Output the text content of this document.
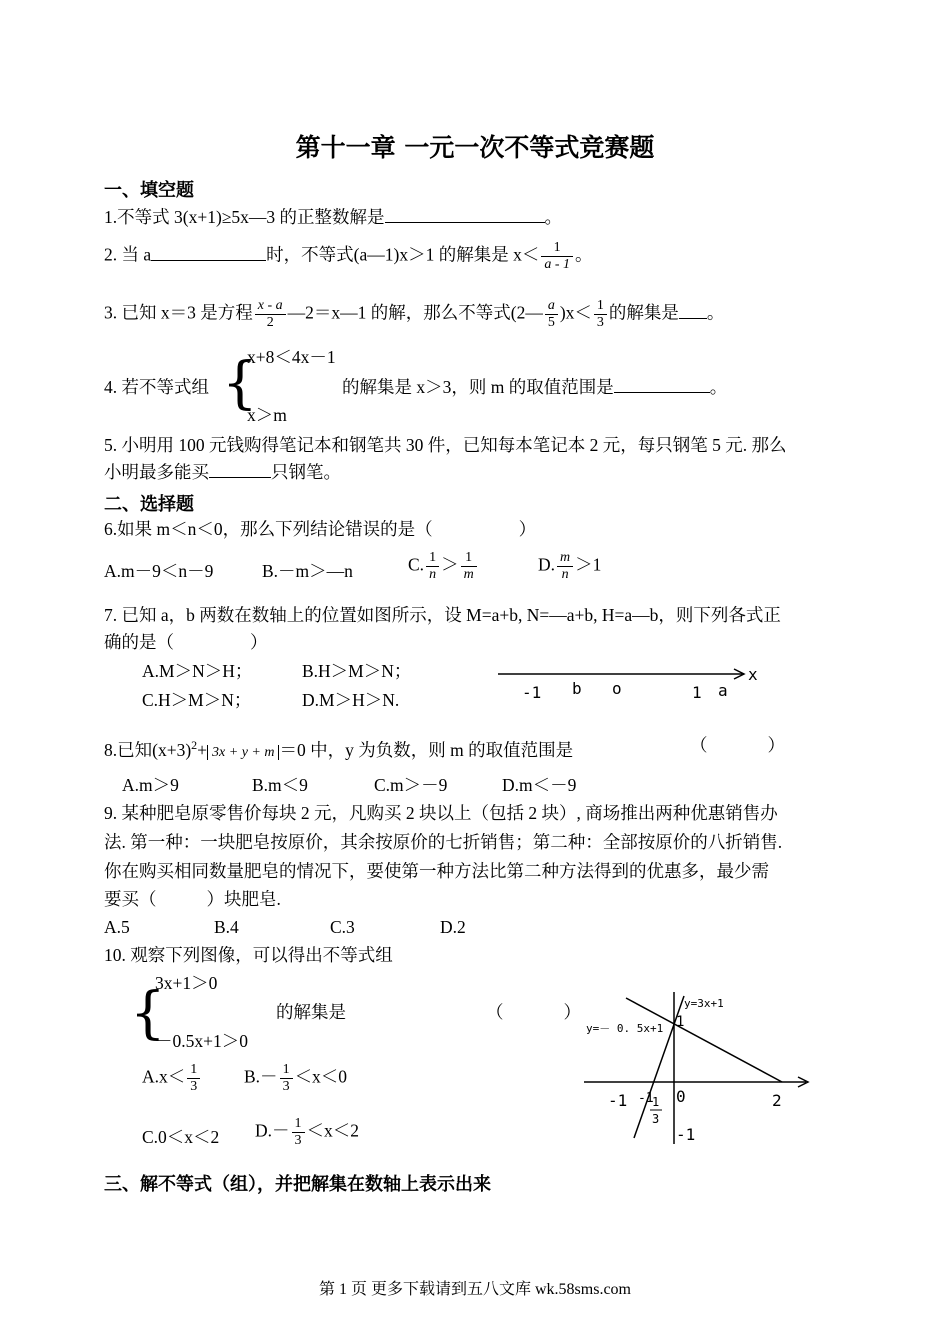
第十一章 一元一次不等式竞赛题
一、填空题
1.不等式 3(x+1)≥5x—3 的正整数解是	。
2. 当 a	时，不等式(a—1)x＞1 的解集是 $x< \frac{1}{a - 1}$ 。
3. 已知 x＝3 是方程 $\frac{x - a}{2}$ —2＝x—1 的解，那么不等式(2— $\frac{a}{5} )x< \frac{1}{3}$ 的解集是 。
4. 若不等式组 {
x+8＜4x－1
x＞m
的解集是 x＞3，则 m 的取值范围是	。
5. 小明用 100 元钱购得笔记本和钢笔共 30 件，已知每本笔记本 2 元，每只钢笔 5 元. 那么
小明最多能买	只钢笔。
二、选择题
6.如果 m＜n＜0，那么下列结论错误的是（	）
A.m－9＜n－9	B.－m＞—n	C. $\frac{1}{n} > \frac{1}{m}$	D. $\frac{m}{n} >1$
7. 已知 a，b 两数在数轴上的位置如图所示，设 M=a+b, N=—a+b, H=a—b，则下列各式正
确的是（	）
A.M＞N＞H；	B.H＞M＞N；
C.H＞M＞N；	D.M＞H＞N.
x
-1 b o	1 a
8.已知$(x+3)^2+ 3x + y + m =0$ 中，y 为负数，则 m 的取值范围是	（	）
A.m＞9	B.m＜9	C.m＞－9	D.m＜－9
9. 某种肥皂原零售价每块 2 元，凡购买 2 块以上（包括 2 块）, 商场推出两种优惠销售办
法. 第一种：一块肥皂按原价，其余按原价的七折销售；第二种：全部按原价的八折销售.
你在购买相同数量肥皂的情况下，要使第一种方法比第二种方法得到的优惠多，最少需
要买（	）块肥皂.
A.5	B.4	C.3	D.2
10. 观察下列图像，可以得出不等式组
{
3x+1＞0
－0.5x+1＞0
的解集是	（	）
$A.x< \frac{1}{3} B.- \frac{1}{3} <x<0$
C.0＜x＜2 $D.- \frac{1}{3} <x<2$
y=3x+1
y=－ 0. 5x+1 1
-1	0	2
-1
1
3
-1
三、解不等式（组），并把解集在数轴上表示出来
第 1 页 更多下载请到五八文库 wk.58sms.com
